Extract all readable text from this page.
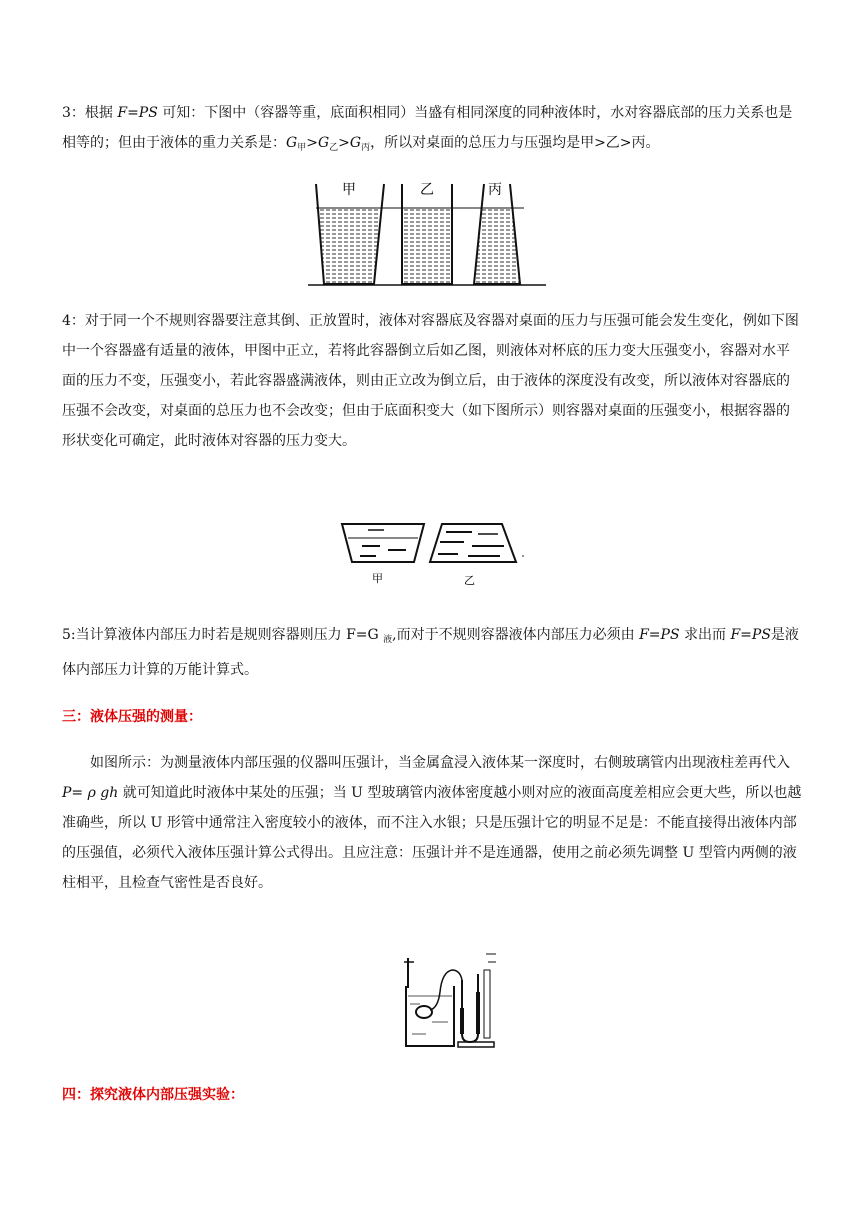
3：根据 F=PS 可知：下图中（容器等重，底面积相同）当盛有相同深度的同种液体时，水对容器底部的压力关系也是相等的；但由于液体的重力关系是：$G_甲>G_乙>G_丙$，所以对桌面的总压力与压强均是甲>乙>丙。

甲	乙	丙

4：对于同一个不规则容器要注意其倒、正放置时，液体对容器底及容器对桌面的压力与压强可能会发生变化，例如下图中一个容器盛有适量的液体，甲图中正立，若将此容器倒立后如乙图，则液体对杯底的压力变大压强变小，容器对水平面的压力不变，压强变小，若此容器盛满液体，则由正立改为倒立后，由于液体的深度没有改变，所以液体对容器底的压强不会改变，对桌面的总压力也不会改变；但由于底面积变大（如下图所示）则容器对桌面的压强变小，根据容器的形状变化可确定，此时液体对容器的压力变大。

甲	乙

5:当计算液体内部压力时若是规则容器则压力 F=G $_液$,而对于不规则容器液体内部压力必须由 F=PS 求出而 F=PS是液体内部压力计算的万能计算式。

三：液体压强的测量：

如图所示：为测量液体内部压强的仪器叫压强计，当金属盒浸入液体某一深度时，右侧玻璃管内出现液柱差再代入 P= ρ gh 就可知道此时液体中某处的压强；当 U 型玻璃管内液体密度越小则对应的液面高度差相应会更大些，所以也越准确些，所以 U 形管中通常注入密度较小的液体，而不注入水银；只是压强计它的明显不足是：不能直接得出液体内部的压强值，必须代入液体压强计算公式得出。且应注意：压强计并不是连通器，使用之前必须先调整 U 型管内两侧的液柱相平，且检查气密性是否良好。

四：探究液体内部压强实验：
